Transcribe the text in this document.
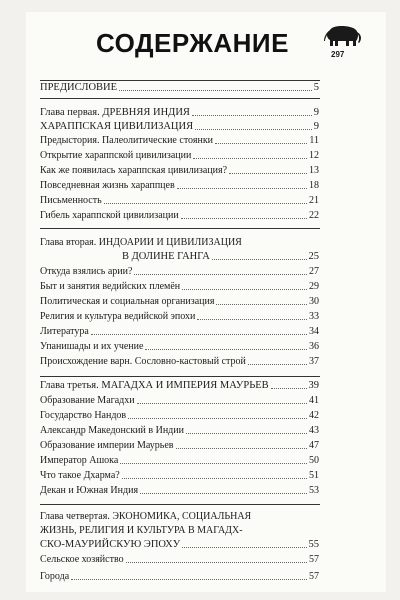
СОДЕРЖАНИЕ	297
ПРЕДИСЛОВИЕ	5
Глава первая. ДРЕВНЯЯ ИНДИЯ	9
ХАРАППСКАЯ ЦИВИЛИЗАЦИЯ	9
Предыстория. Палеолитические стоянки	11
Открытие хараппской цивилизации	12
Как же появилась хараппская цивилизация?	13
Повседневная жизнь хараппцев	18
Письменность	21
Гибель хараппской цивилизации	22
Глава вторая. ИНДОАРИИ И ЦИВИЛИЗАЦИЯ
В ДОЛИНЕ ГАНГА	25
Откуда взялись арии?	27
Быт и занятия ведийских племён	29
Политическая и социальная организация	30
Религия и культура ведийской эпохи	33
Литература	34
Упанишады и их учение	36
Происхождение варн. Сословно-кастовый строй	37
Глава третья. МАГАДХА И ИМПЕРИЯ МАУРЬЕВ	39
Образование Магадхи	41
Государство Нандов	42
Александр Македонский в Индии	43
Образование империи Маурьев	47
Император Ашока	50
Что такое Дхарма?	51
Декан и Южная Индия	53
Глава четвертая. ЭКОНОМИКА, СОЦИАЛЬНАЯ
ЖИЗНЬ, РЕЛИГИЯ И КУЛЬТУРА В МАГАДХ-
СКО-МАУРИЙСКУЮ ЭПОХУ	55
Сельское хозяйство	57
Города	57
